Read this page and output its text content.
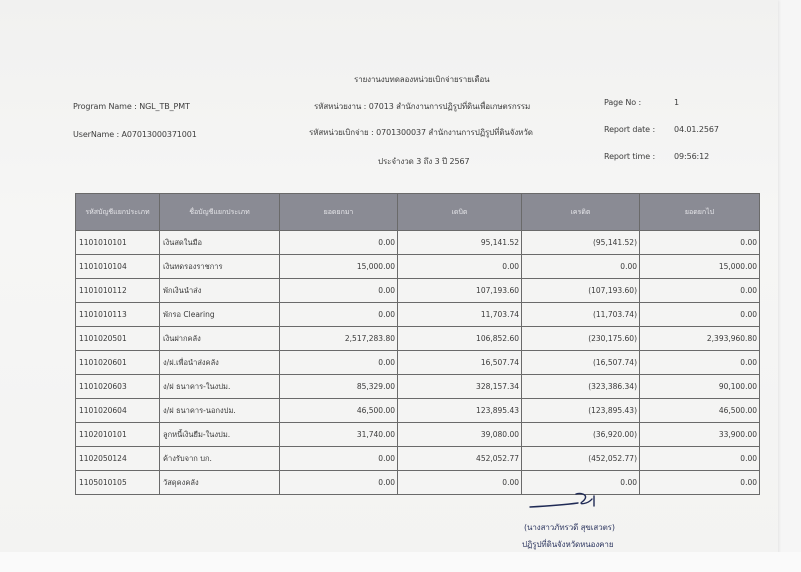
รายงานงบทดลองหน่วยเบิกจ่ายรายเดือน
Program Name : NGL_TB_PMT
UserName : A07013000371001
รหัสหน่วยงาน : 07013 สำนักงานการปฏิรูปที่ดินเพื่อเกษตรกรรม
รหัสหน่วยเบิกจ่าย : 0701300037 สำนักงานการปฏิรูปที่ดินจังหวัด
ประจำงวด 3 ถึง 3 ปี 2567
Page No :	1
Report date : 04.01.2567
Report time : 09:56:12
รหัสบัญชีแยกประเภท	ชื่อบัญชีแยกประเภท	ยอดยกมา	เดบิต	เครดิต	ยอดยกไป
1101010101	เงินสดในมือ	0.00	95,141.52	(95,141.52)	0.00
1101010104	เงินทดรองราชการ	15,000.00	0.00	0.00	15,000.00
1101010112	พักเงินนำส่ง	0.00	107,193.60	(107,193.60)	0.00
1101010113	พักรอ Clearing	0.00	11,703.74	(11,703.74)	0.00
1101020501	เงินฝากคลัง	2,517,283.80	106,852.60	(230,175.60)	2,393,960.80
1101020601	ง/ฝ.เพื่อนำส่งคลัง	0.00	16,507.74	(16,507.74)	0.00
1101020603	ง/ฝ ธนาคาร-ในงปม.	85,329.00	328,157.34	(323,386.34)	90,100.00
1101020604	ง/ฝ ธนาคาร-นอกงปม.	46,500.00	123,895.43	(123,895.43)	46,500.00
1102010101	ลูกหนี้เงินยืม-ในงปม.	31,740.00	39,080.00	(36,920.00)	33,900.00
1102050124	ค้างรับจาก บก.	0.00	452,052.77	(452,052.77)	0.00
1105010105	วัสดุคงคลัง	0.00	0.00	0.00	0.00
(นางสาวภัทรวดี สุขเสวตร)
ปฏิรูปที่ดินจังหวัดหนองคาย
